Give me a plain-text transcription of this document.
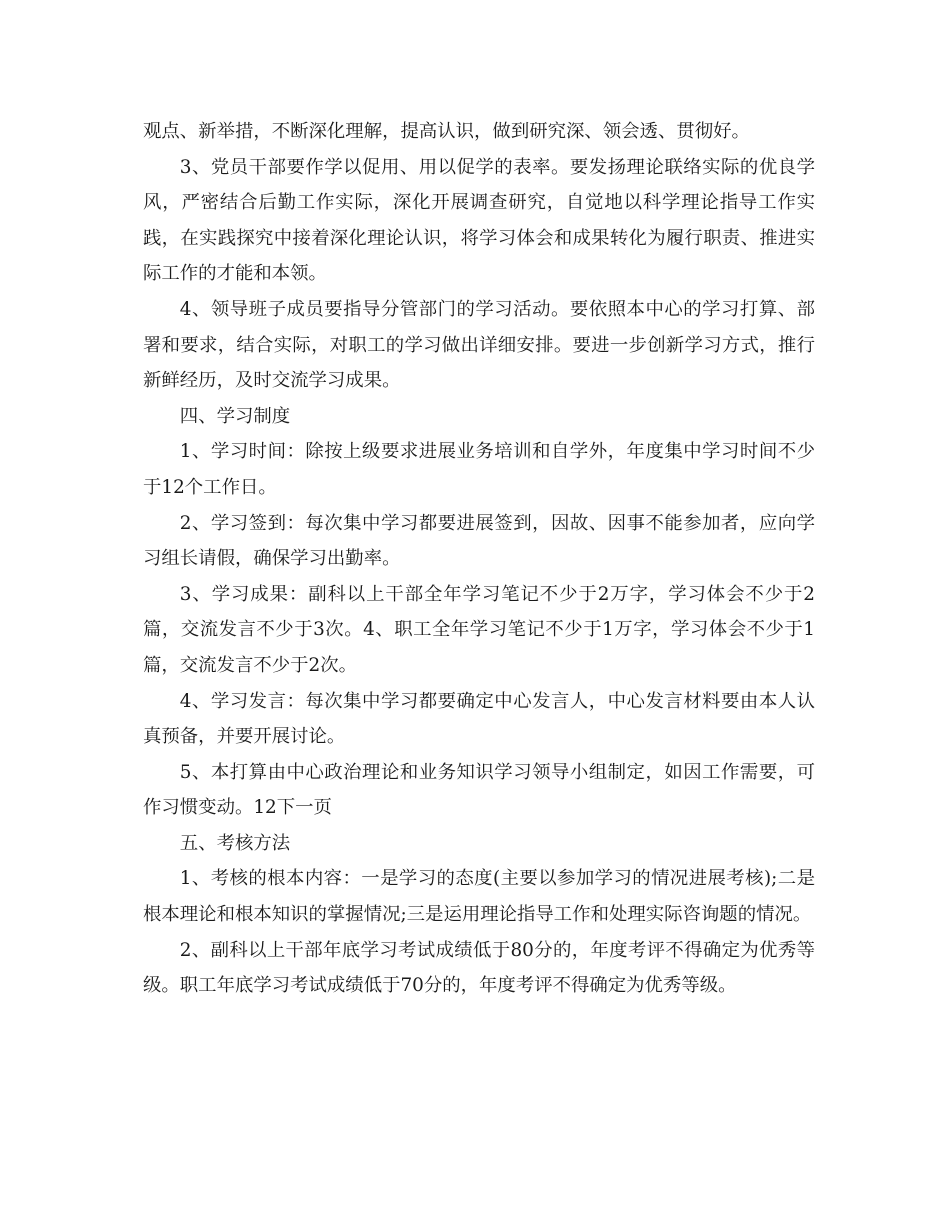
观点、新举措，不断深化理解，提高认识，做到研究深、领会透、贯彻好。

3、党员干部要作学以促用、用以促学的表率。要发扬理论联络实际的优良学风，严密结合后勤工作实际，深化开展调查研究，自觉地以科学理论指导工作实践，在实践探究中接着深化理论认识，将学习体会和成果转化为履行职责、推进实际工作的才能和本领。

4、领导班子成员要指导分管部门的学习活动。要依照本中心的学习打算、部署和要求，结合实际，对职工的学习做出详细安排。要进一步创新学习方式，推行新鲜经历，及时交流学习成果。

四、学习制度

1、学习时间：除按上级要求进展业务培训和自学外，年度集中学习时间不少于12个工作日。

2、学习签到：每次集中学习都要进展签到，因故、因事不能参加者，应向学习组长请假，确保学习出勤率。

3、学习成果：副科以上干部全年学习笔记不少于2万字，学习体会不少于2篇，交流发言不少于3次。4、职工全年学习笔记不少于1万字，学习体会不少于1篇，交流发言不少于2次。

4、学习发言：每次集中学习都要确定中心发言人，中心发言材料要由本人认真预备，并要开展讨论。

5、本打算由中心政治理论和业务知识学习领导小组制定，如因工作需要，可作习惯变动。12下一页

五、考核方法

1、考核的根本内容：一是学习的态度(主要以参加学习的情况进展考核);二是根本理论和根本知识的掌握情况;三是运用理论指导工作和处理实际咨询题的情况。

2、副科以上干部年底学习考试成绩低于80分的，年度考评不得确定为优秀等级。职工年底学习考试成绩低于70分的，年度考评不得确定为优秀等级。
